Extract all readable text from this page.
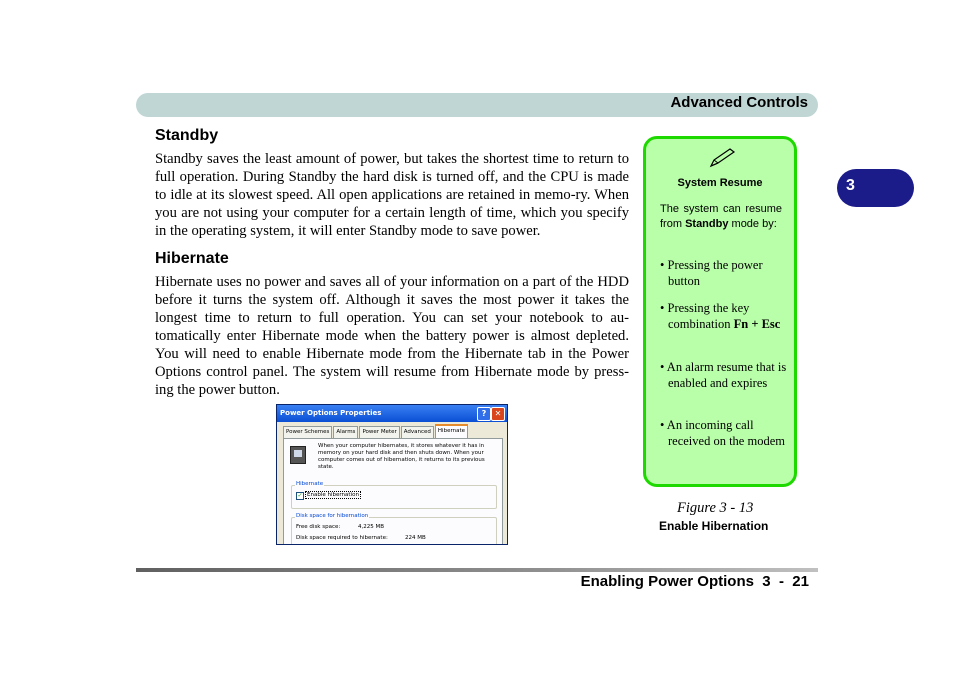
Advanced Controls
3
Standby

Standby saves the least amount of power, but takes the shortest time to return to full operation. During Standby the hard disk is turned off, and the CPU is made to idle at its slowest speed. All open applications are retained in memo-ry. When you are not using your computer for a certain length of time, which you specify in the operating system, it will enter Standby mode to save power.

Hibernate

Hibernate uses no power and saves all of your information on a part of the HDD before it turns the system off. Although it saves the most power it takes the longest time to return to full operation. You can set your notebook to au-tomatically enter Hibernate mode when the battery power is almost depleted. You will need to enable Hibernate mode from the Hibernate tab in the Power Options control panel. The system will resume from Hibernate mode by press-ing the power button.

Power Options Properties	?	✕
Power Schemes	Alarms	Power Meter	Advanced	Hibernate
When your computer hibernates, it stores whatever it has in memory on your hard disk and then shuts down. When your computer comes out of hibernation, it returns to its previous state.
Hibernate
✓ Enable hibernation
Disk space for hibernation
Free disk space:	4,225 MB
Disk space required to hibernate:	224 MB
System Resume
The system can resume from Standby mode by:
• Pressing the power button
• Pressing the key combination Fn + Esc
• An alarm resume that is enabled and expires
• An incoming call received on the modem
Figure 3 - 13
Enable Hibernation
Enabling Power Options  3  -  21
